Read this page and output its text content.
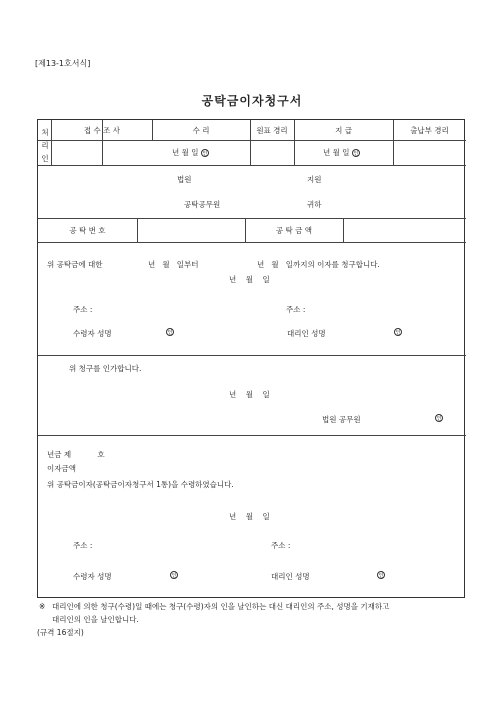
[제13-1호서식]
공탁금이자청구서
처리인
접 수 조 사	수 리	원표 경리	지 급	출납부 경리
년 월 일 인	년 월 일  인
법원	지원
공탁공무원	귀하
공 탁 번 호	공 탁 금 액
위 공탁금에 대한	년   월   일부터	년   월   일까지의 이자를 청구합니다.
년    월    일
주소 :	주소 :
수령자 성명 인	대리인 성명
인
위 청구를 인가합니다.
년    월    일
법원 공무원
인
년금 제           호
이자금액
위 공탁금이자(공탁금이자청구서 1통)을 수령하였습니다.
년    월    일
주소 :	주소 :
수령자 성명 인	대리인 성명
인
※ 대리인에 의한 청구(수령)일 때에는 청구(수령)자의 인을 날인하는 대신 대리인의 주소, 성명을 기재하고
대리인의 인을 날인합니다.
(규격 16절지)
